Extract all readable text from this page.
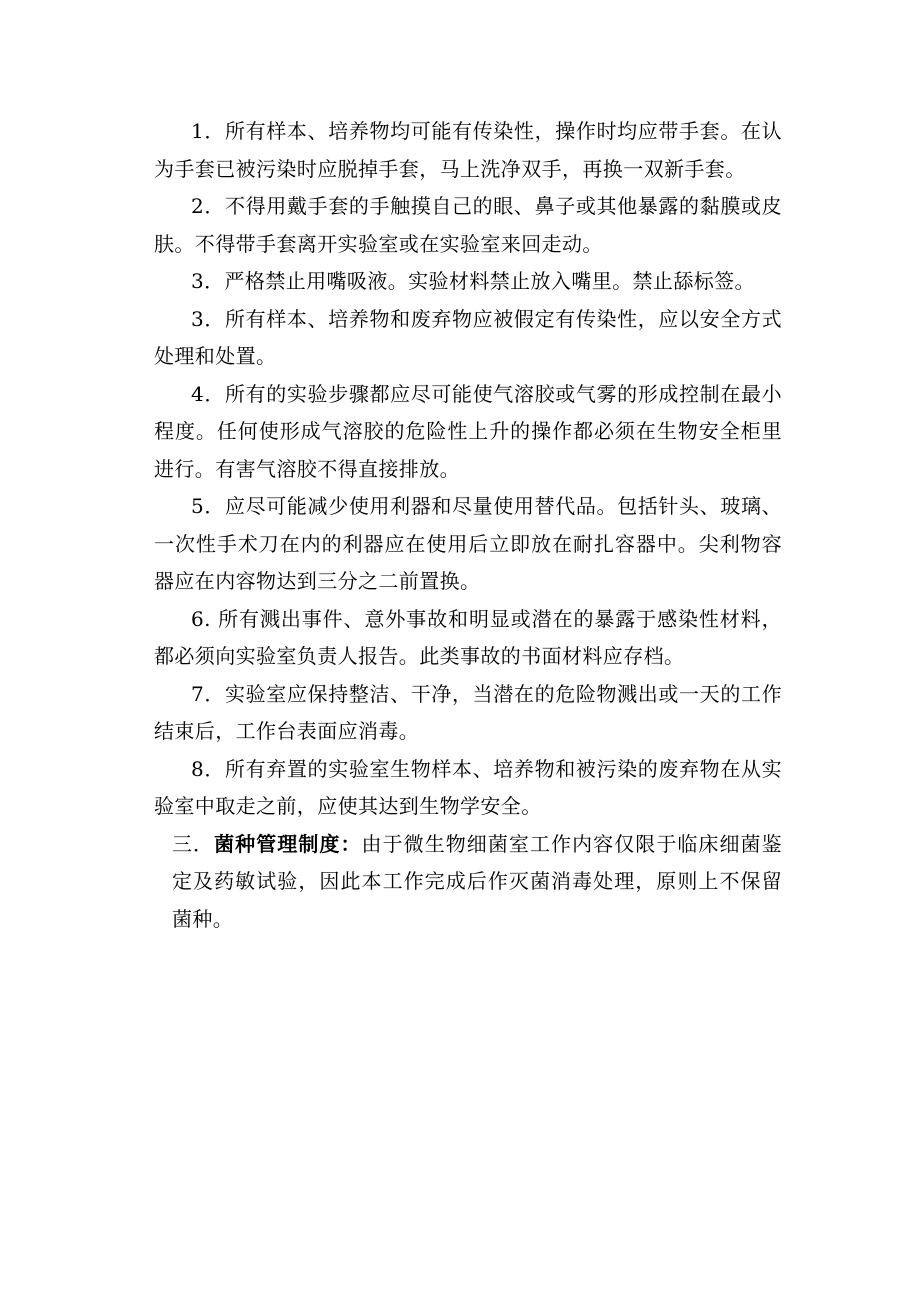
1．所有样本、培养物均可能有传染性，操作时均应带手套。在认为手套已被污染时应脱掉手套，马上洗净双手，再换一双新手套。

2．不得用戴手套的手触摸自己的眼、鼻子或其他暴露的黏膜或皮肤。不得带手套离开实验室或在实验室来回走动。

3．严格禁止用嘴吸液。实验材料禁止放入嘴里。禁止舔标签。

3．所有样本、培养物和废弃物应被假定有传染性，应以安全方式处理和处置。

4．所有的实验步骤都应尽可能使气溶胶或气雾的形成控制在最小程度。任何使形成气溶胶的危险性上升的操作都必须在生物安全柜里进行。有害气溶胶不得直接排放。

5．应尽可能减少使用利器和尽量使用替代品。包括针头、玻璃、一次性手术刀在内的利器应在使用后立即放在耐扎容器中。尖利物容器应在内容物达到三分之二前置换。

6. 所有溅出事件、意外事故和明显或潜在的暴露于感染性材料，都必须向实验室负责人报告。此类事故的书面材料应存档。

7．实验室应保持整洁、干净，当潜在的危险物溅出或一天的工作结束后，工作台表面应消毒。

8．所有弃置的实验室生物样本、培养物和被污染的废弃物在从实验室中取走之前，应使其达到生物学安全。

三．菌种管理制度：由于微生物细菌室工作内容仅限于临床细菌鉴定及药敏试验，因此本工作完成后作灭菌消毒处理，原则上不保留菌种。
